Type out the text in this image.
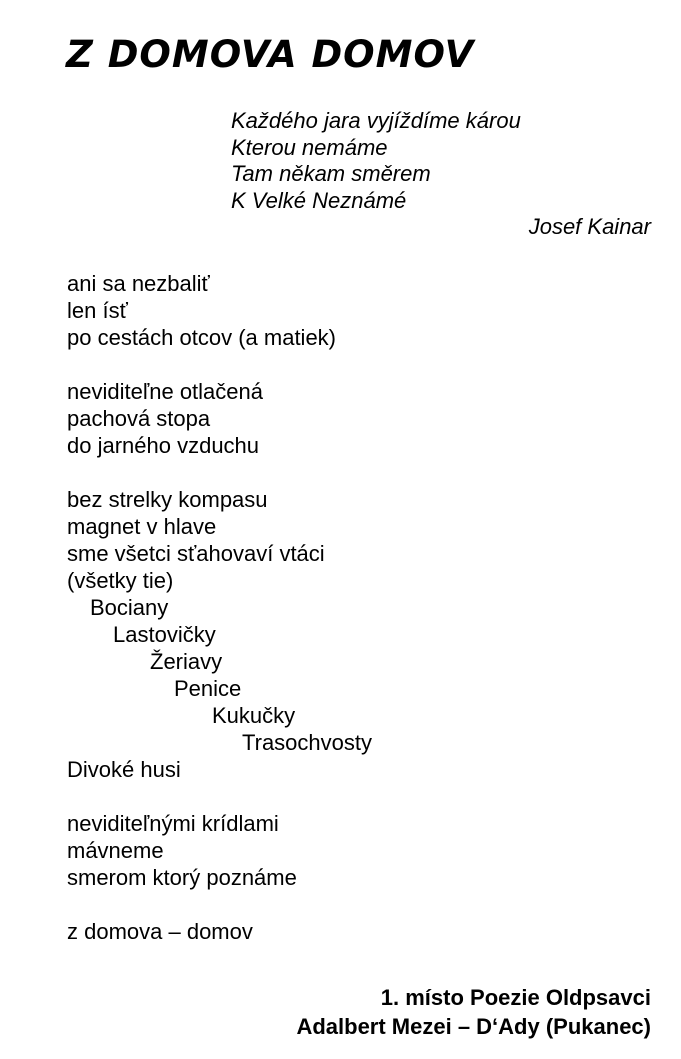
Z DOMOVA DOMOV
Každého jara vyjíždíme károu
Kterou nemáme
Tam někam směrem
K Velké Neznámé
Josef Kainar
ani sa nezbaliť
len ísť
po cestách otcov (a matiek)
neviditeľne otlačená
pachová stopa
do jarného vzduchu
bez strelky kompasu
magnet v hlave
sme všetci sťahovaví vtáci
(všetky tie)
Bociany
Lastovičky
Žeriavy
Penice
Kukučky
Trasochvosty
Divoké husi
neviditeľnými krídlami
mávneme
smerom ktorý poznáme
z domova – domov
1. místo Poezie Oldpsavci
Adalbert Mezei – D‘Ady (Pukanec)
